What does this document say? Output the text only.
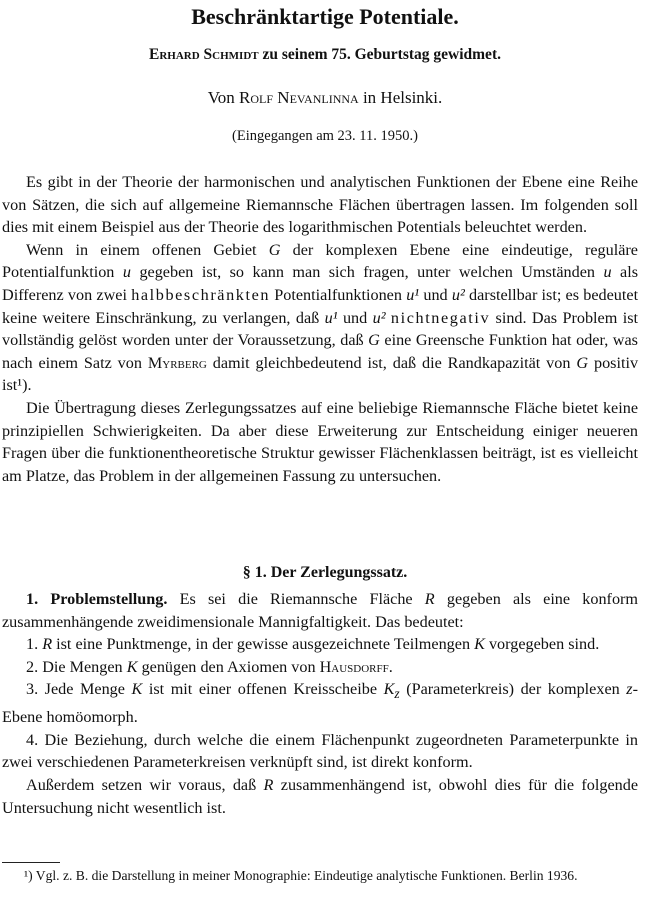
Beschränktartige Potentiale.
Erhard Schmidt zu seinem 75. Geburtstag gewidmet.
Von Rolf Nevanlinna in Helsinki.
(Eingegangen am 23. 11. 1950.)

Es gibt in der Theorie der harmonischen und analytischen Funktionen der Ebene eine Reihe von Sätzen, die sich auf allgemeine Riemannsche Flächen übertragen lassen. Im folgenden soll dies mit einem Beispiel aus der Theorie des logarithmischen Potentials beleuchtet werden.

Wenn in einem offenen Gebiet G der komplexen Ebene eine eindeutige, reguläre Potentialfunktion u gegeben ist, so kann man sich fragen, unter welchen Umständen u als Differenz von zwei halbbeschränkten Potentialfunktionen u¹ und u² darstellbar ist; es bedeutet keine weitere Einschränkung, zu verlangen, daß u¹ und u² nichtnegativ sind. Das Problem ist vollständig gelöst worden unter der Voraussetzung, daß G eine Greensche Funktion hat oder, was nach einem Satz von Myrberg damit gleichbedeutend ist, daß die Randkapazität von G positiv ist¹).

Die Übertragung dieses Zerlegungssatzes auf eine beliebige Riemannsche Fläche bietet keine prinzipiellen Schwierigkeiten. Da aber diese Erweiterung zur Entscheidung einiger neueren Fragen über die funktionentheoretische Struktur gewisser Flächenklassen beiträgt, ist es vielleicht am Platze, das Problem in der allgemeinen Fassung zu untersuchen.

§ 1. Der Zerlegungssatz.

1. Problemstellung. Es sei die Riemannsche Fläche R gegeben als eine konform zusammenhängende zweidimensionale Mannigfaltigkeit. Das bedeutet:

1. R ist eine Punktmenge, in der gewisse ausgezeichnete Teilmengen K vorgegeben sind.

2. Die Mengen K genügen den Axiomen von Hausdorff.

3. Jede Menge K ist mit einer offenen Kreisscheibe $K_z$ (Parameterkreis) der komplexen z-Ebene homöomorph.

4. Die Beziehung, durch welche die einem Flächenpunkt zugeordneten Parameterpunkte in zwei verschiedenen Parameterkreisen verknüpft sind, ist direkt konform.

Außerdem setzen wir voraus, daß R zusammenhängend ist, obwohl dies für die folgende Untersuchung nicht wesentlich ist.

¹) Vgl. z. B. die Darstellung in meiner Monographie: Eindeutige analytische Funktionen. Berlin 1936.
